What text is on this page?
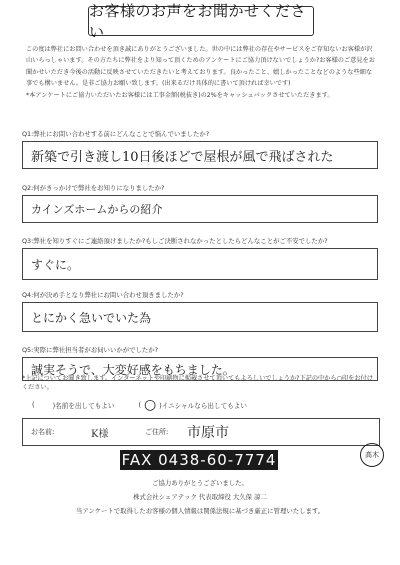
お客様のお声をお聞かせください

この度は弊社にお問い合わせを頂き誠にありがとうございました。世の中には弊社の存在やサービスをご存知ないお客様が沢山いらっしゃいます。その方たちに弊社をより知って頂くためのアンケートにご協力頂けないでしょうか?お客様のご意見をお聞かせいただき今後の活動に反映させていただきたいと考えております。良かったこと、嬉しかったことなどのような些細な事でも構いません。是非ご協力お願い致します。(出来るだけ具体的に書いて頂ければ幸いです)

*本アンケートにご協力いただいたお客様には工事金額(税抜き)の2%をキャッシュバックさせていただきます。

Q1:弊社にお問い合わせする前にどんなことで悩んでいましたか?
新築で引き渡し10日後ほどで屋根が風で飛ばされた
Q2:何がきっかけで弊社をお知りになりましたか?
カインズホームからの紹介
Q3:弊社を知りすぐにご連絡頂けましたか?もしご決断されなかったとしたらどんなことがご不安でしたか?
すぐに。
Q4:何が決め手となり弊社にお問い合わせ頂きましたか?
とにかく急いでいた為
Q5:実際に弊社担当者がお伺いいかがでしたか?
誠実そうで、大変好感をもちました。

*上記についてお聞き致します。インターネットや印刷物に掲載させて頂いてもよろしいでしょうか?下記の中から○印をお付けください。

(	)名前を出してもよい	( ○ )イニシャルなら出してもよい
お名前:	K様	ご住所: 市原市
FAX 0438-60-7774	高木
ご協力ありがとうございました。
株式会社シェアテック 代表取締役 大久保 諒二
当アンケートで取得したお客様の個人情報は関係法規に基づき厳正に管理いたします。
